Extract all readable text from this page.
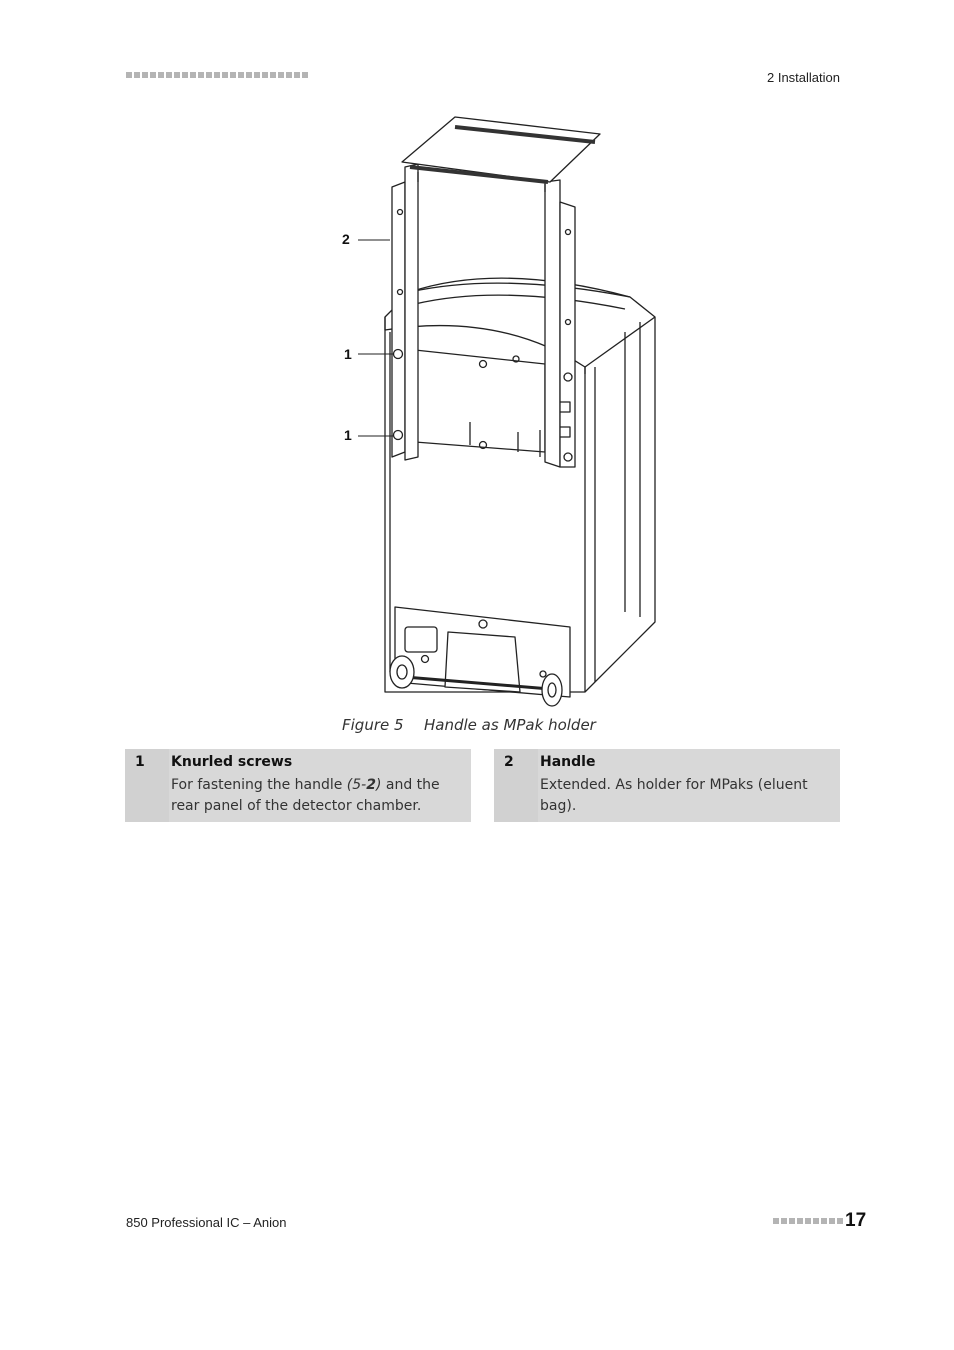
2 Installation
2
1
1
Figure 5 Handle as MPak holder
1 Knurled screws
For fastening the handle (5-2) and the rear panel of the detector chamber.
2 Handle
Extended. As holder for MPaks (eluent bag).
850 Professional IC – Anion	17
